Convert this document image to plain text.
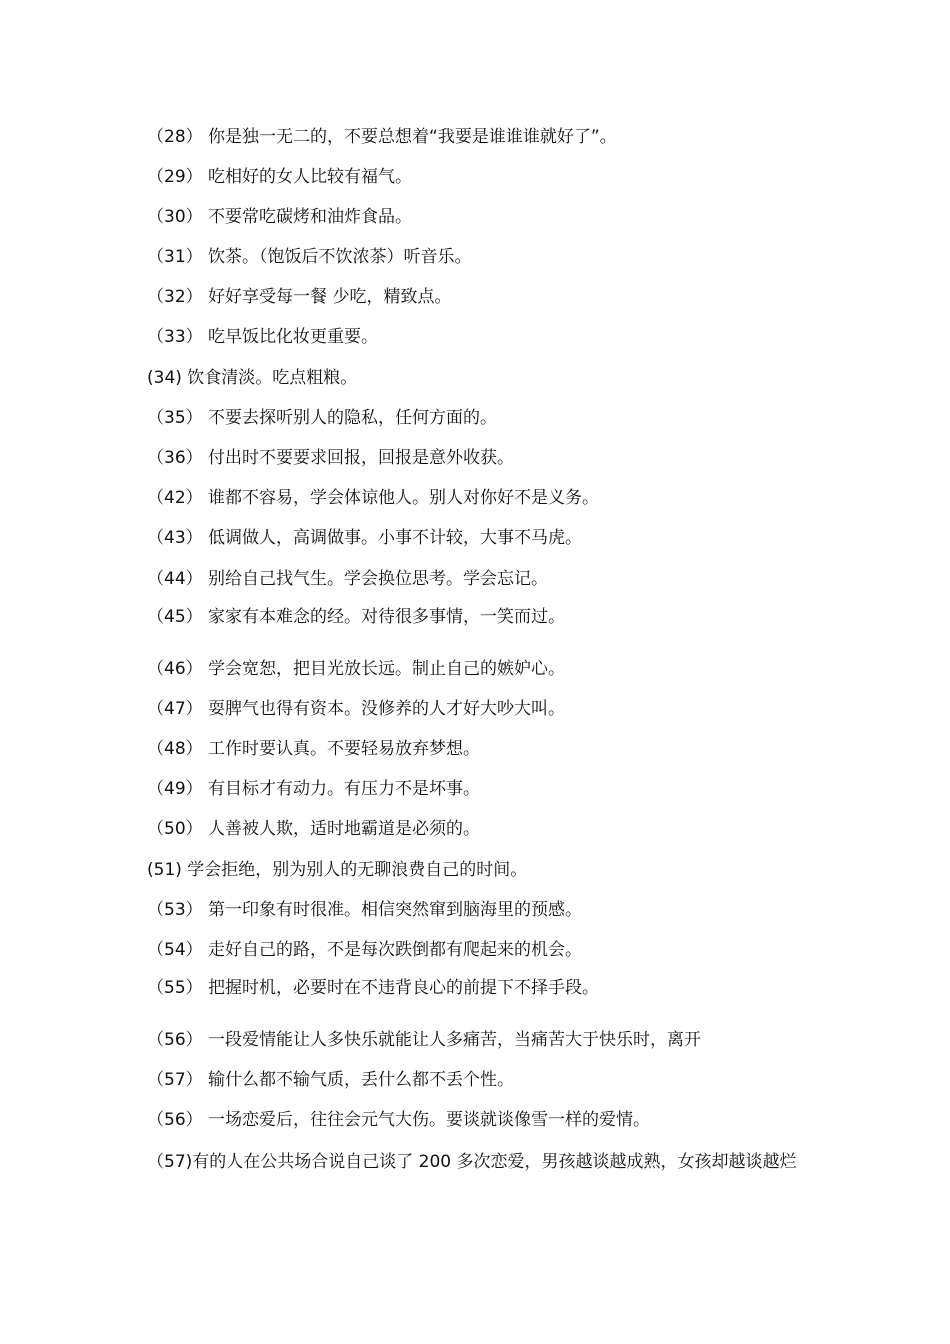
（28） 你是独一无二的，不要总想着“我要是谁谁谁就好了”。
（29） 吃相好的女人比较有福气。
（30） 不要常吃碳烤和油炸食品。
（31） 饮茶。（饱饭后不饮浓茶）听音乐。
（32） 好好享受每一餐 少吃，精致点。
（33） 吃早饭比化妆更重要。
(34) 饮食清淡。吃点粗粮。
（35） 不要去探听别人的隐私，任何方面的。
（36） 付出时不要要求回报，回报是意外收获。
（42） 谁都不容易，学会体谅他人。别人对你好不是义务。
（43） 低调做人，高调做事。小事不计较，大事不马虎。
（44） 别给自己找气生。学会换位思考。学会忘记。
（45） 家家有本难念的经。对待很多事情，一笑而过。
（46） 学会宽恕，把目光放长远。制止自己的嫉妒心。
（47） 耍脾气也得有资本。没修养的人才好大吵大叫。
（48） 工作时要认真。不要轻易放弃梦想。
（49） 有目标才有动力。有压力不是坏事。
（50） 人善被人欺，适时地霸道是必须的。
(51) 学会拒绝，别为别人的无聊浪费自己的时间。
（53） 第一印象有时很准。相信突然窜到脑海里的预感。
（54） 走好自己的路，不是每次跌倒都有爬起来的机会。
（55） 把握时机，必要时在不违背良心的前提下不择手段。
（56） 一段爱情能让人多快乐就能让人多痛苦，当痛苦大于快乐时，离开
（57） 输什么都不输气质，丢什么都不丢个性。
（56） 一场恋爱后，往往会元气大伤。要谈就谈像雪一样的爱情。
（57)有的人在公共场合说自己谈了 200 多次恋爱，男孩越谈越成熟，女孩却越谈越烂
